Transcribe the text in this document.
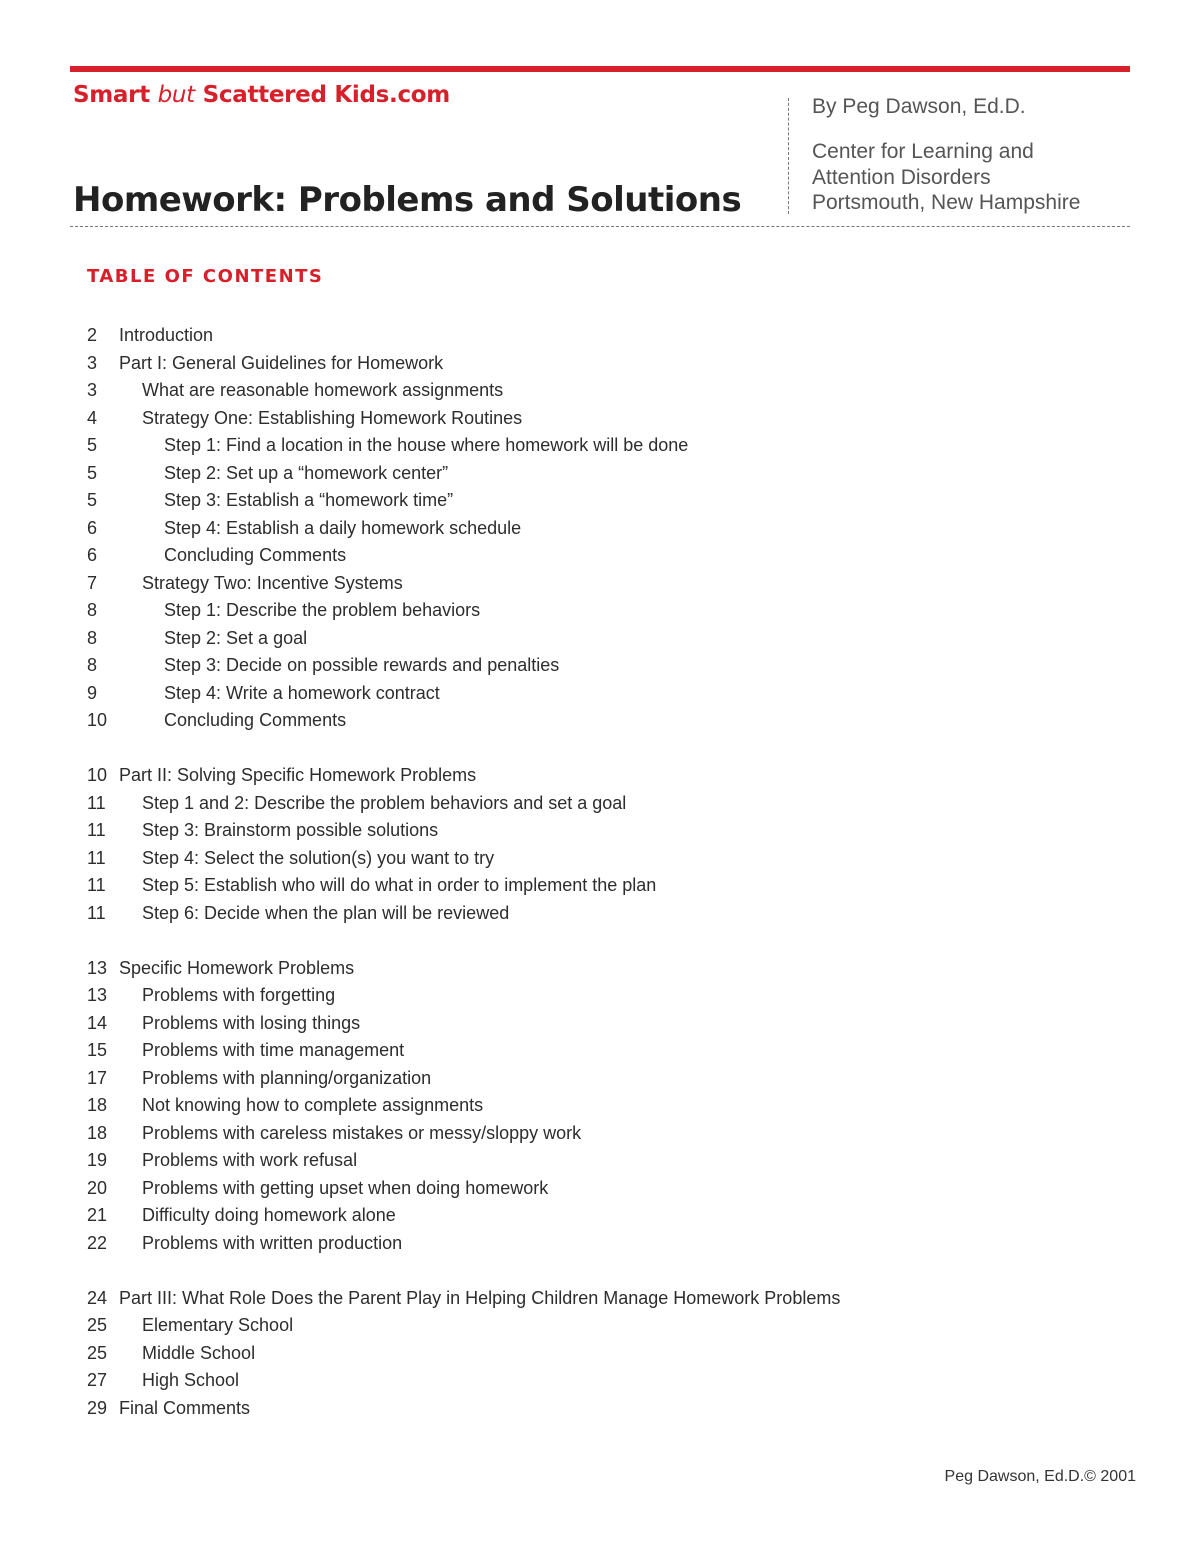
Smart but Scattered Kids.com
Homework: Problems and Solutions
By Peg Dawson, Ed.D.
Center for Learning and
Attention Disorders
Portsmouth, New Hampshire
TABLE OF CONTENTS
2 Introduction
3 Part I: General Guidelines for Homework
3 What are reasonable homework assignments
4 Strategy One: Establishing Homework Routines
5	Step 1: Find a location in the house where homework will be done
5	Step 2: Set up a “homework center”
5	Step 3: Establish a “homework time”
6	Step 4: Establish a daily homework schedule
6	Concluding Comments
7 Strategy Two: Incentive Systems
8	Step 1: Describe the problem behaviors
8	Step 2: Set a goal
8	Step 3: Decide on possible rewards and penalties
9	Step 4: Write a homework contract
10	Concluding Comments
10 Part II: Solving Specific Homework Problems
11 Step 1 and 2: Describe the problem behaviors and set a goal
11 Step 3: Brainstorm possible solutions
11 Step 4: Select the solution(s) you want to try
11 Step 5: Establish who will do what in order to implement the plan
11 Step 6: Decide when the plan will be reviewed
13 Specific Homework Problems
13 Problems with forgetting
14 Problems with losing things
15 Problems with time management
17 Problems with planning/organization
18 Not knowing how to complete assignments
18 Problems with careless mistakes or messy/sloppy work
19 Problems with work refusal
20 Problems with getting upset when doing homework
21 Difficulty doing homework alone
22 Problems with written production
24 Part III: What Role Does the Parent Play in Helping Children Manage Homework Problems
25 Elementary School
25 Middle School
27 High School
29 Final Comments
Peg Dawson, Ed.D.© 2001
